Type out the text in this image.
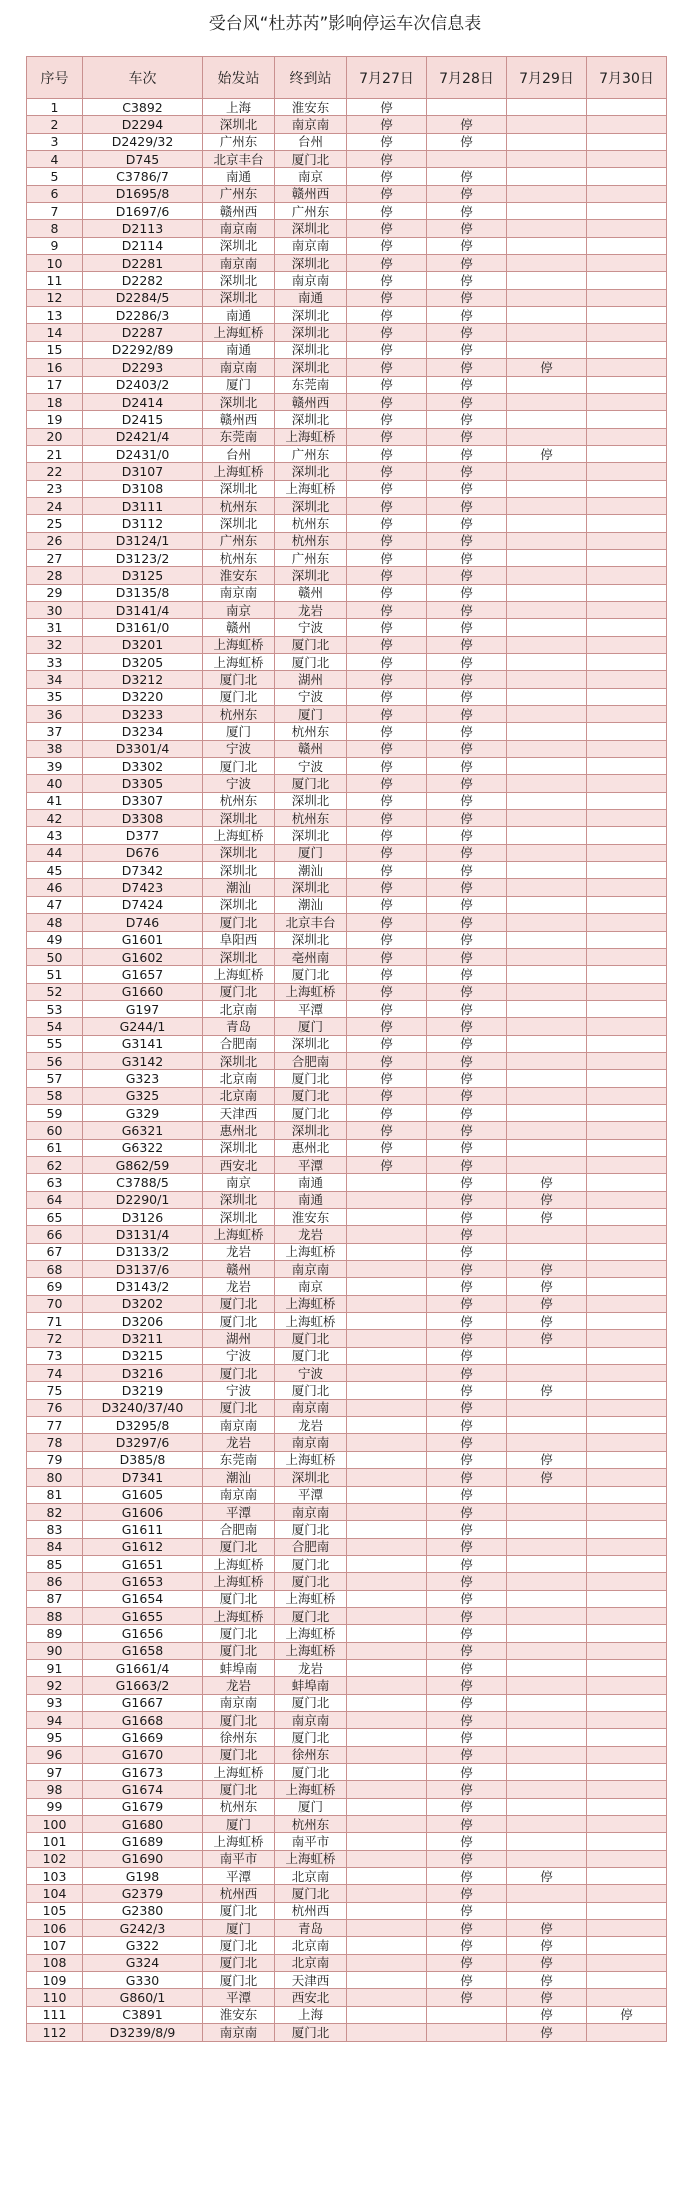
受台风“杜苏芮”影响停运车次信息表
序号	车次	始发站	终到站	7月27日	7月28日	7月29日	7月30日
1	C3892	上海	淮安东	停			
2	D2294	深圳北	南京南	停	停		
3	D2429/32	广州东	台州	停	停		
4	D745	北京丰台	厦门北	停			
5	C3786/7	南通	南京	停	停		
6	D1695/8	广州东	赣州西	停	停		
7	D1697/6	赣州西	广州东	停	停		
8	D2113	南京南	深圳北	停	停		
9	D2114	深圳北	南京南	停	停		
10	D2281	南京南	深圳北	停	停		
11	D2282	深圳北	南京南	停	停		
12	D2284/5	深圳北	南通	停	停		
13	D2286/3	南通	深圳北	停	停		
14	D2287	上海虹桥	深圳北	停	停		
15	D2292/89	南通	深圳北	停	停		
16	D2293	南京南	深圳北	停	停	停	
17	D2403/2	厦门	东莞南	停	停		
18	D2414	深圳北	赣州西	停	停		
19	D2415	赣州西	深圳北	停	停		
20	D2421/4	东莞南	上海虹桥	停	停		
21	D2431/0	台州	广州东	停	停	停	
22	D3107	上海虹桥	深圳北	停	停		
23	D3108	深圳北	上海虹桥	停	停		
24	D3111	杭州东	深圳北	停	停		
25	D3112	深圳北	杭州东	停	停		
26	D3124/1	广州东	杭州东	停	停		
27	D3123/2	杭州东	广州东	停	停		
28	D3125	淮安东	深圳北	停	停		
29	D3135/8	南京南	赣州	停	停		
30	D3141/4	南京	龙岩	停	停		
31	D3161/0	赣州	宁波	停	停		
32	D3201	上海虹桥	厦门北	停	停		
33	D3205	上海虹桥	厦门北	停	停		
34	D3212	厦门北	湖州	停	停		
35	D3220	厦门北	宁波	停	停		
36	D3233	杭州东	厦门	停	停		
37	D3234	厦门	杭州东	停	停		
38	D3301/4	宁波	赣州	停	停		
39	D3302	厦门北	宁波	停	停		
40	D3305	宁波	厦门北	停	停		
41	D3307	杭州东	深圳北	停	停		
42	D3308	深圳北	杭州东	停	停		
43	D377	上海虹桥	深圳北	停	停		
44	D676	深圳北	厦门	停	停		
45	D7342	深圳北	潮汕	停	停		
46	D7423	潮汕	深圳北	停	停		
47	D7424	深圳北	潮汕	停	停		
48	D746	厦门北	北京丰台	停	停		
49	G1601	阜阳西	深圳北	停	停		
50	G1602	深圳北	亳州南	停	停		
51	G1657	上海虹桥	厦门北	停	停		
52	G1660	厦门北	上海虹桥	停	停		
53	G197	北京南	平潭	停	停		
54	G244/1	青岛	厦门	停	停		
55	G3141	合肥南	深圳北	停	停		
56	G3142	深圳北	合肥南	停	停		
57	G323	北京南	厦门北	停	停		
58	G325	北京南	厦门北	停	停		
59	G329	天津西	厦门北	停	停		
60	G6321	惠州北	深圳北	停	停		
61	G6322	深圳北	惠州北	停	停		
62	G862/59	西安北	平潭	停	停		
63	C3788/5	南京	南通		停	停	
64	D2290/1	深圳北	南通		停	停	
65	D3126	深圳北	淮安东		停	停	
66	D3131/4	上海虹桥	龙岩		停		
67	D3133/2	龙岩	上海虹桥		停		
68	D3137/6	赣州	南京南		停	停	
69	D3143/2	龙岩	南京		停	停	
70	D3202	厦门北	上海虹桥		停	停	
71	D3206	厦门北	上海虹桥		停	停	
72	D3211	湖州	厦门北		停	停	
73	D3215	宁波	厦门北		停		
74	D3216	厦门北	宁波		停		
75	D3219	宁波	厦门北		停	停	
76	D3240/37/40	厦门北	南京南		停		
77	D3295/8	南京南	龙岩		停		
78	D3297/6	龙岩	南京南		停		
79	D385/8	东莞南	上海虹桥		停	停	
80	D7341	潮汕	深圳北		停	停	
81	G1605	南京南	平潭		停		
82	G1606	平潭	南京南		停		
83	G1611	合肥南	厦门北		停		
84	G1612	厦门北	合肥南		停		
85	G1651	上海虹桥	厦门北		停		
86	G1653	上海虹桥	厦门北		停		
87	G1654	厦门北	上海虹桥		停		
88	G1655	上海虹桥	厦门北		停		
89	G1656	厦门北	上海虹桥		停		
90	G1658	厦门北	上海虹桥		停		
91	G1661/4	蚌埠南	龙岩		停		
92	G1663/2	龙岩	蚌埠南		停		
93	G1667	南京南	厦门北		停		
94	G1668	厦门北	南京南		停		
95	G1669	徐州东	厦门北		停		
96	G1670	厦门北	徐州东		停		
97	G1673	上海虹桥	厦门北		停		
98	G1674	厦门北	上海虹桥		停		
99	G1679	杭州东	厦门		停		
100	G1680	厦门	杭州东		停		
101	G1689	上海虹桥	南平市		停		
102	G1690	南平市	上海虹桥		停		
103	G198	平潭	北京南		停	停	
104	G2379	杭州西	厦门北		停		
105	G2380	厦门北	杭州西		停		
106	G242/3	厦门	青岛		停	停	
107	G322	厦门北	北京南		停	停	
108	G324	厦门北	北京南		停	停	
109	G330	厦门北	天津西		停	停	
110	G860/1	平潭	西安北		停	停	
111	C3891	淮安东	上海			停	停
112	D3239/8/9	南京南	厦门北			停	
